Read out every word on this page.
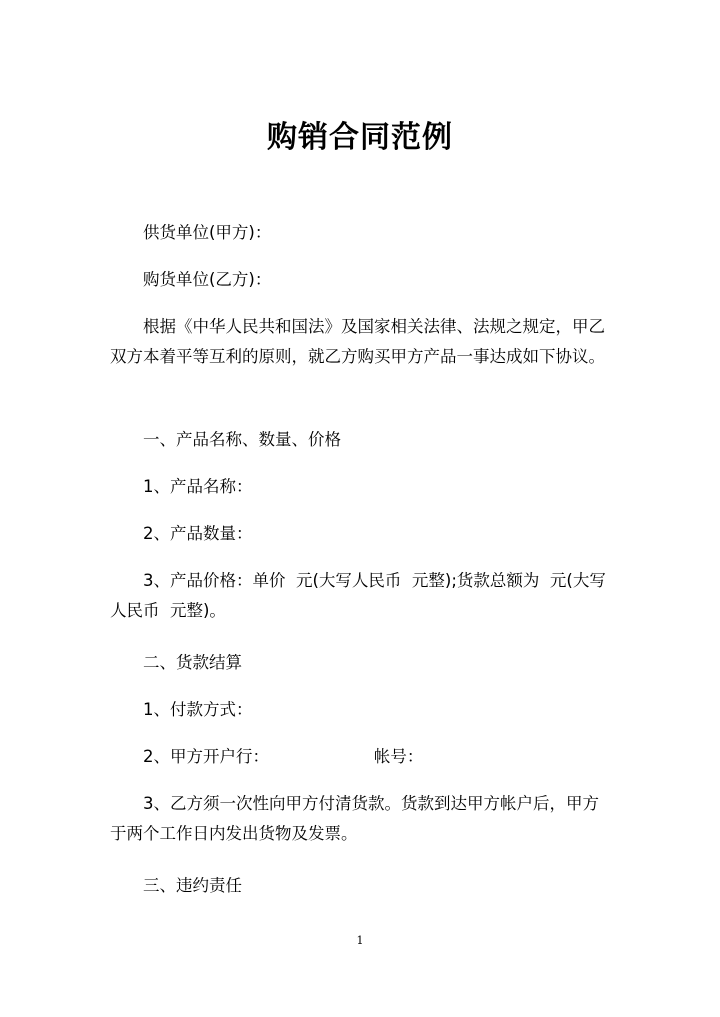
购销合同范例
供货单位(甲方)：
购货单位(乙方)：
根据《中华人民共和国法》及国家相关法律、法规之规定，甲乙双方本着平等互利的原则，就乙方购买甲方产品一事达成如下协议。
一、产品名称、数量、价格
1、产品名称：
2、产品数量：
3、产品价格：单价  元(大写人民币  元整);货款总额为  元(大写人民币  元整)。
二、货款结算
1、付款方式：
2、甲方开户行：                    帐号：
3、乙方须一次性向甲方付清货款。货款到达甲方帐户后，甲方于两个工作日内发出货物及发票。
三、违约责任
1
